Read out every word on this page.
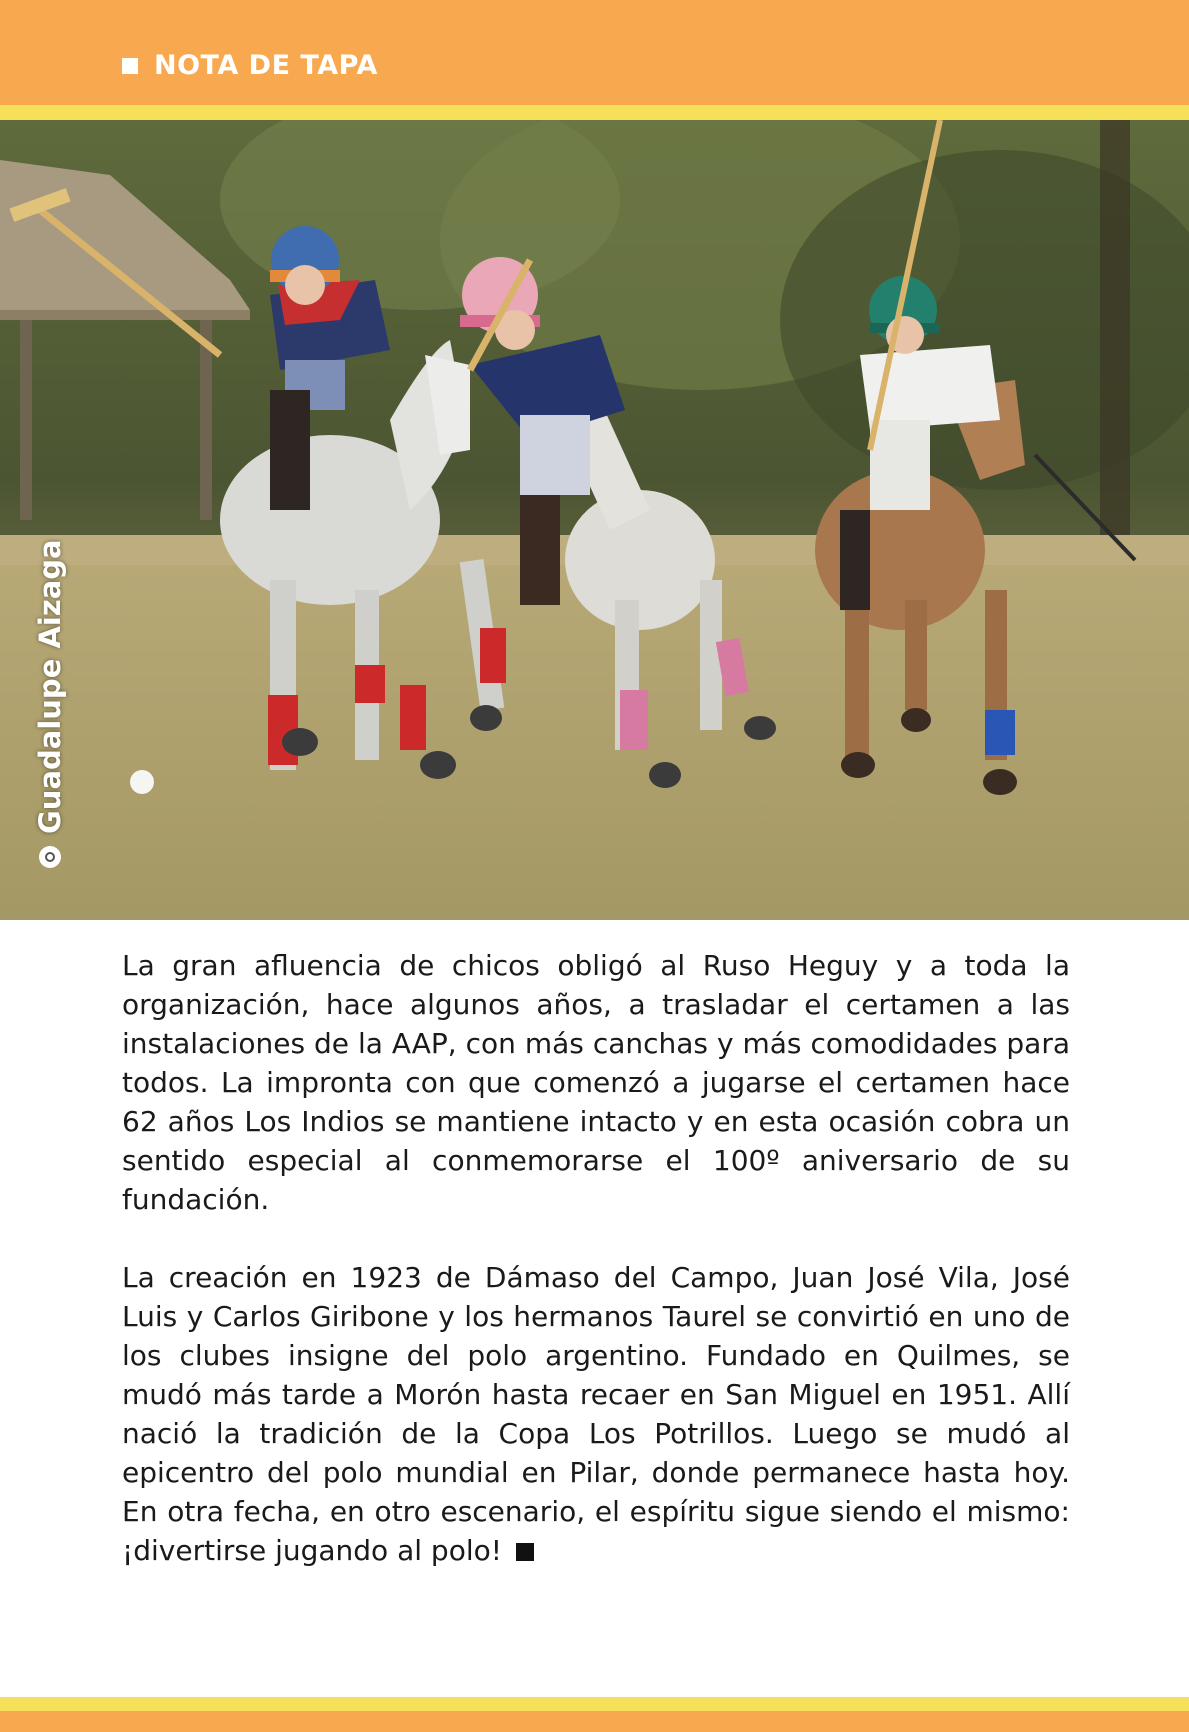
NOTA DE TAPA
Guadalupe Aizaga

La gran afluencia de chicos obligó al Ruso Heguy y a toda la organización, hace algunos años, a trasladar el certamen a las instalaciones de la AAP, con más canchas y más comodidades para todos. La impronta con que comenzó a jugarse el certamen hace 62 años Los Indios se mantiene intacto y en esta ocasión cobra un sentido especial al conmemorarse el 100º aniversario de su fundación.

La creación en 1923 de Dámaso del Campo, Juan José Vila, José Luis y Carlos Giribone y los hermanos Taurel se convirtió en uno de los clubes insigne del polo argentino. Fundado en Quilmes, se mudó más tarde a Morón hasta recaer en San Miguel en 1951. Allí nació la tradición de la Copa Los Potrillos. Luego se mudó al epicentro del polo mundial en Pilar, donde permanece hasta hoy. En otra fecha, en otro escenario, el espíritu sigue siendo el mismo: ¡divertirse jugando al polo!
